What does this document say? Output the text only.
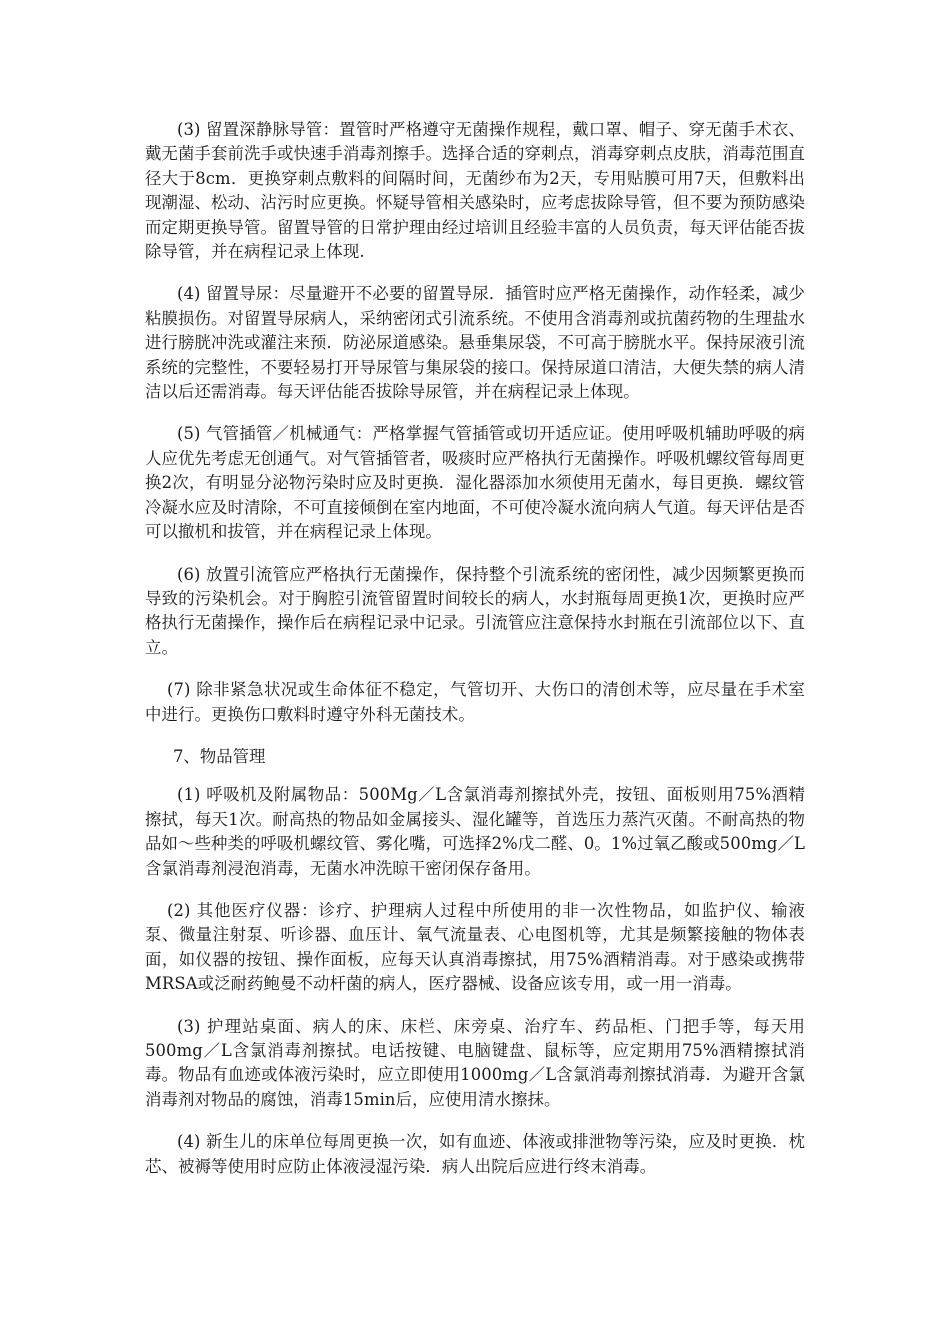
(3) 留置深静脉导管：置管时严格遵守无菌操作规程，戴口罩、帽子、穿无菌手术衣、戴无菌手套前洗手或快速手消毒剂擦手。选择合适的穿刺点，消毒穿刺点皮肤，消毒范围直径大于8cm．更换穿刺点敷料的间隔时间，无菌纱布为2天，专用贴膜可用7天，但敷料出现潮湿、松动、沾污时应更换。怀疑导管相关感染时，应考虑拔除导管，但不要为预防感染而定期更换导管。留置导管的日常护理由经过培训且经验丰富的人员负责，每天评估能否拔除导管，并在病程记录上体现.

(4) 留置导尿：尽量避开不必要的留置导尿．插管时应严格无菌操作，动作轻柔，减少粘膜损伤。对留置导尿病人，采纳密闭式引流系统。不使用含消毒剂或抗菌药物的生理盐水进行膀胱冲洗或灌注来预．防泌尿道感染。悬垂集尿袋，不可高于膀胱水平。保持尿液引流系统的完整性，不要轻易打开导尿管与集尿袋的接口。保持尿道口清洁，大便失禁的病人清洁以后还需消毒。每天评估能否拔除导尿管，并在病程记录上体现。

(5) 气管插管／机械通气：严格掌握气管插管或切开适应证。使用呼吸机辅助呼吸的病人应优先考虑无创通气。对气管插管者，吸痰时应严格执行无菌操作。呼吸机螺纹管每周更换2次，有明显分泌物污染时应及时更换．湿化器添加水须使用无菌水，每目更换．螺纹管冷凝水应及时清除，不可直接倾倒在室内地面，不可使冷凝水流向病人气道。每天评估是否可以撤机和拔管，并在病程记录上体现。

(6) 放置引流管应严格执行无菌操作，保持整个引流系统的密闭性，减少因频繁更换而导致的污染机会。对于胸腔引流管留置时间较长的病人，水封瓶每周更换1次，更换时应严格执行无菌操作，操作后在病程记录中记录。引流管应注意保持水封瓶在引流部位以下、直立。

(7) 除非紧急状况或生命体征不稳定，气管切开、大伤口的清创术等，应尽量在手术室中进行。更换伤口敷料时遵守外科无菌技术。

7、物品管理

(1) 呼吸机及附属物品：500Mg／L含氯消毒剂擦拭外壳，按钮、面板则用75%酒精擦拭，每天1次。耐高热的物品如金属接头、湿化罐等，首选压力蒸汽灭菌。不耐高热的物品如～些种类的呼吸机螺纹管、雾化嘴，可选择2%戊二醛、0。1%过氧乙酸或500mg／L含氯消毒剂浸泡消毒，无菌水冲洗晾干密闭保存备用。

(2) 其他医疗仪器：诊疗、护理病人过程中所使用的非一次性物品，如监护仪、输液泵、微量注射泵、听诊器、血压计、氧气流量表、心电图机等，尤其是频繁接触的物体表面，如仪器的按钮、操作面板，应每天认真消毒擦拭，用75%酒精消毒。对于感染或携带MRSA或泛耐药鲍曼不动杆菌的病人，医疗器械、设备应该专用，或一用一消毒。

(3) 护理站桌面、病人的床、床栏、床旁桌、治疗车、药品柜、门把手等，每天用500mg／L含氯消毒剂擦拭。电话按键、电脑键盘、鼠标等，应定期用75%酒精擦拭消毒。物品有血迹或体液污染时，应立即使用1000mg／L含氯消毒剂擦拭消毒．为避开含氯消毒剂对物品的腐蚀，消毒15min后，应使用清水擦抹。

(4) 新生儿的床单位每周更换一次，如有血迹、体液或排泄物等污染，应及时更换．枕芯、被褥等使用时应防止体液浸湿污染．病人出院后应进行终末消毒。
